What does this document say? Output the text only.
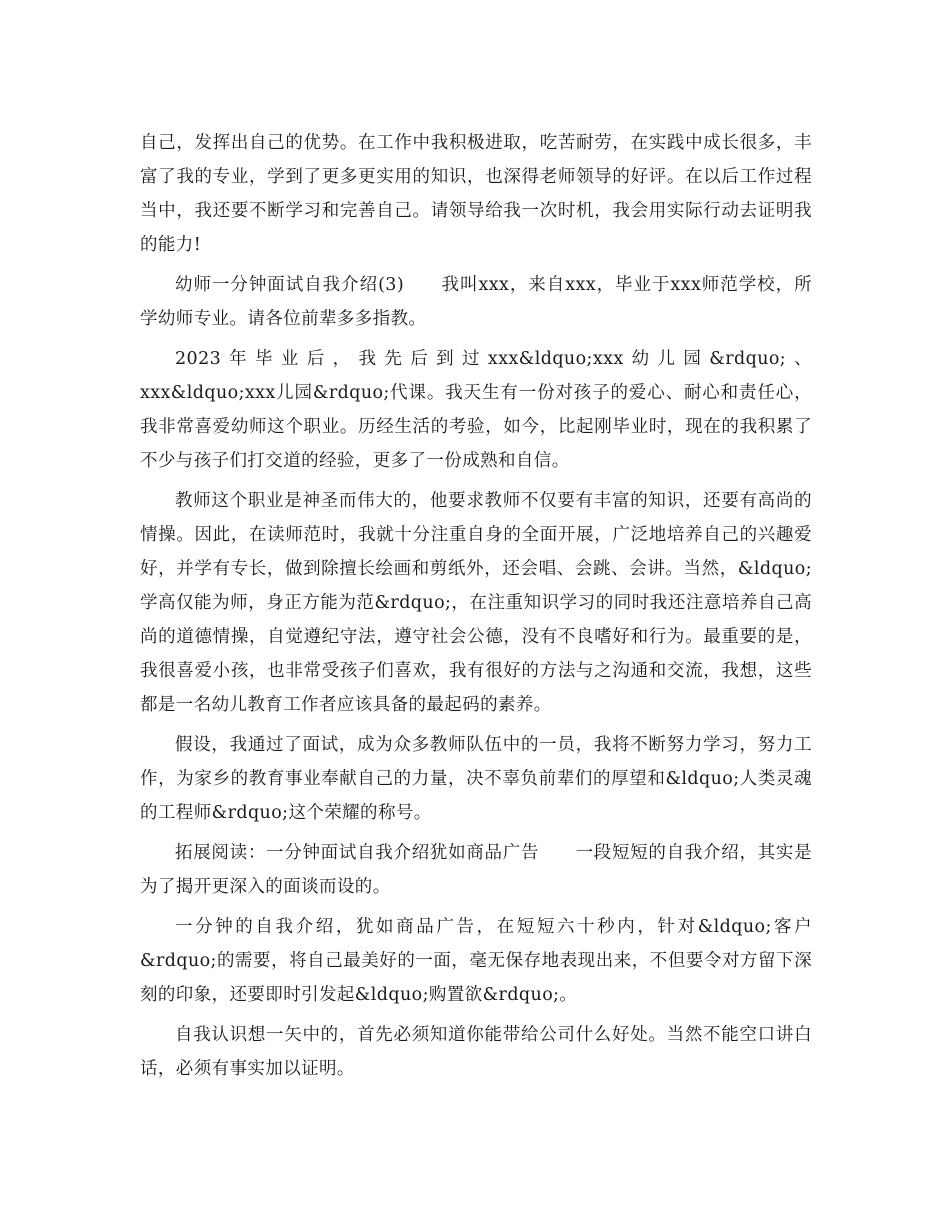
自己，发挥出自己的优势。在工作中我积极进取，吃苦耐劳，在实践中成长很多，丰富了我的专业，学到了更多更实用的知识，也深得老师领导的好评。在以后工作过程当中，我还要不断学习和完善自己。请领导给我一次时机，我会用实际行动去证明我的能力!

幼师一分钟面试自我介绍(3)　　我叫xxx，来自xxx，毕业于xxx师范学校，所学幼师专业。请各位前辈多多指教。

2023年毕业后，我先后到过xxx&ldquo;xxx幼儿园&rdquo;、xxx&ldquo;xxx儿园&rdquo;代课。我天生有一份对孩子的爱心、耐心和责任心，我非常喜爱幼师这个职业。历经生活的考验，如今，比起刚毕业时，现在的我积累了不少与孩子们打交道的经验，更多了一份成熟和自信。

教师这个职业是神圣而伟大的，他要求教师不仅要有丰富的知识，还要有高尚的情操。因此，在读师范时，我就十分注重自身的全面开展，广泛地培养自己的兴趣爱好，并学有专长，做到除擅长绘画和剪纸外，还会唱、会跳、会讲。当然，&ldquo;学高仅能为师，身正方能为范&rdquo;，在注重知识学习的同时我还注意培养自己高尚的道德情操，自觉遵纪守法，遵守社会公德，没有不良嗜好和行为。最重要的是，我很喜爱小孩，也非常受孩子们喜欢，我有很好的方法与之沟通和交流，我想，这些都是一名幼儿教育工作者应该具备的最起码的素养。

假设，我通过了面试，成为众多教师队伍中的一员，我将不断努力学习，努力工作，为家乡的教育事业奉献自己的力量，决不辜负前辈们的厚望和&ldquo;人类灵魂的工程师&rdquo;这个荣耀的称号。

拓展阅读：一分钟面试自我介绍犹如商品广告　　一段短短的自我介绍，其实是为了揭开更深入的面谈而设的。

一分钟的自我介绍，犹如商品广告，在短短六十秒内，针对&ldquo;客户&rdquo;的需要，将自己最美好的一面，毫无保存地表现出来，不但要令对方留下深刻的印象，还要即时引发起&ldquo;购置欲&rdquo;。

自我认识想一矢中的，首先必须知道你能带给公司什么好处。当然不能空口讲白话，必须有事实加以证明。
